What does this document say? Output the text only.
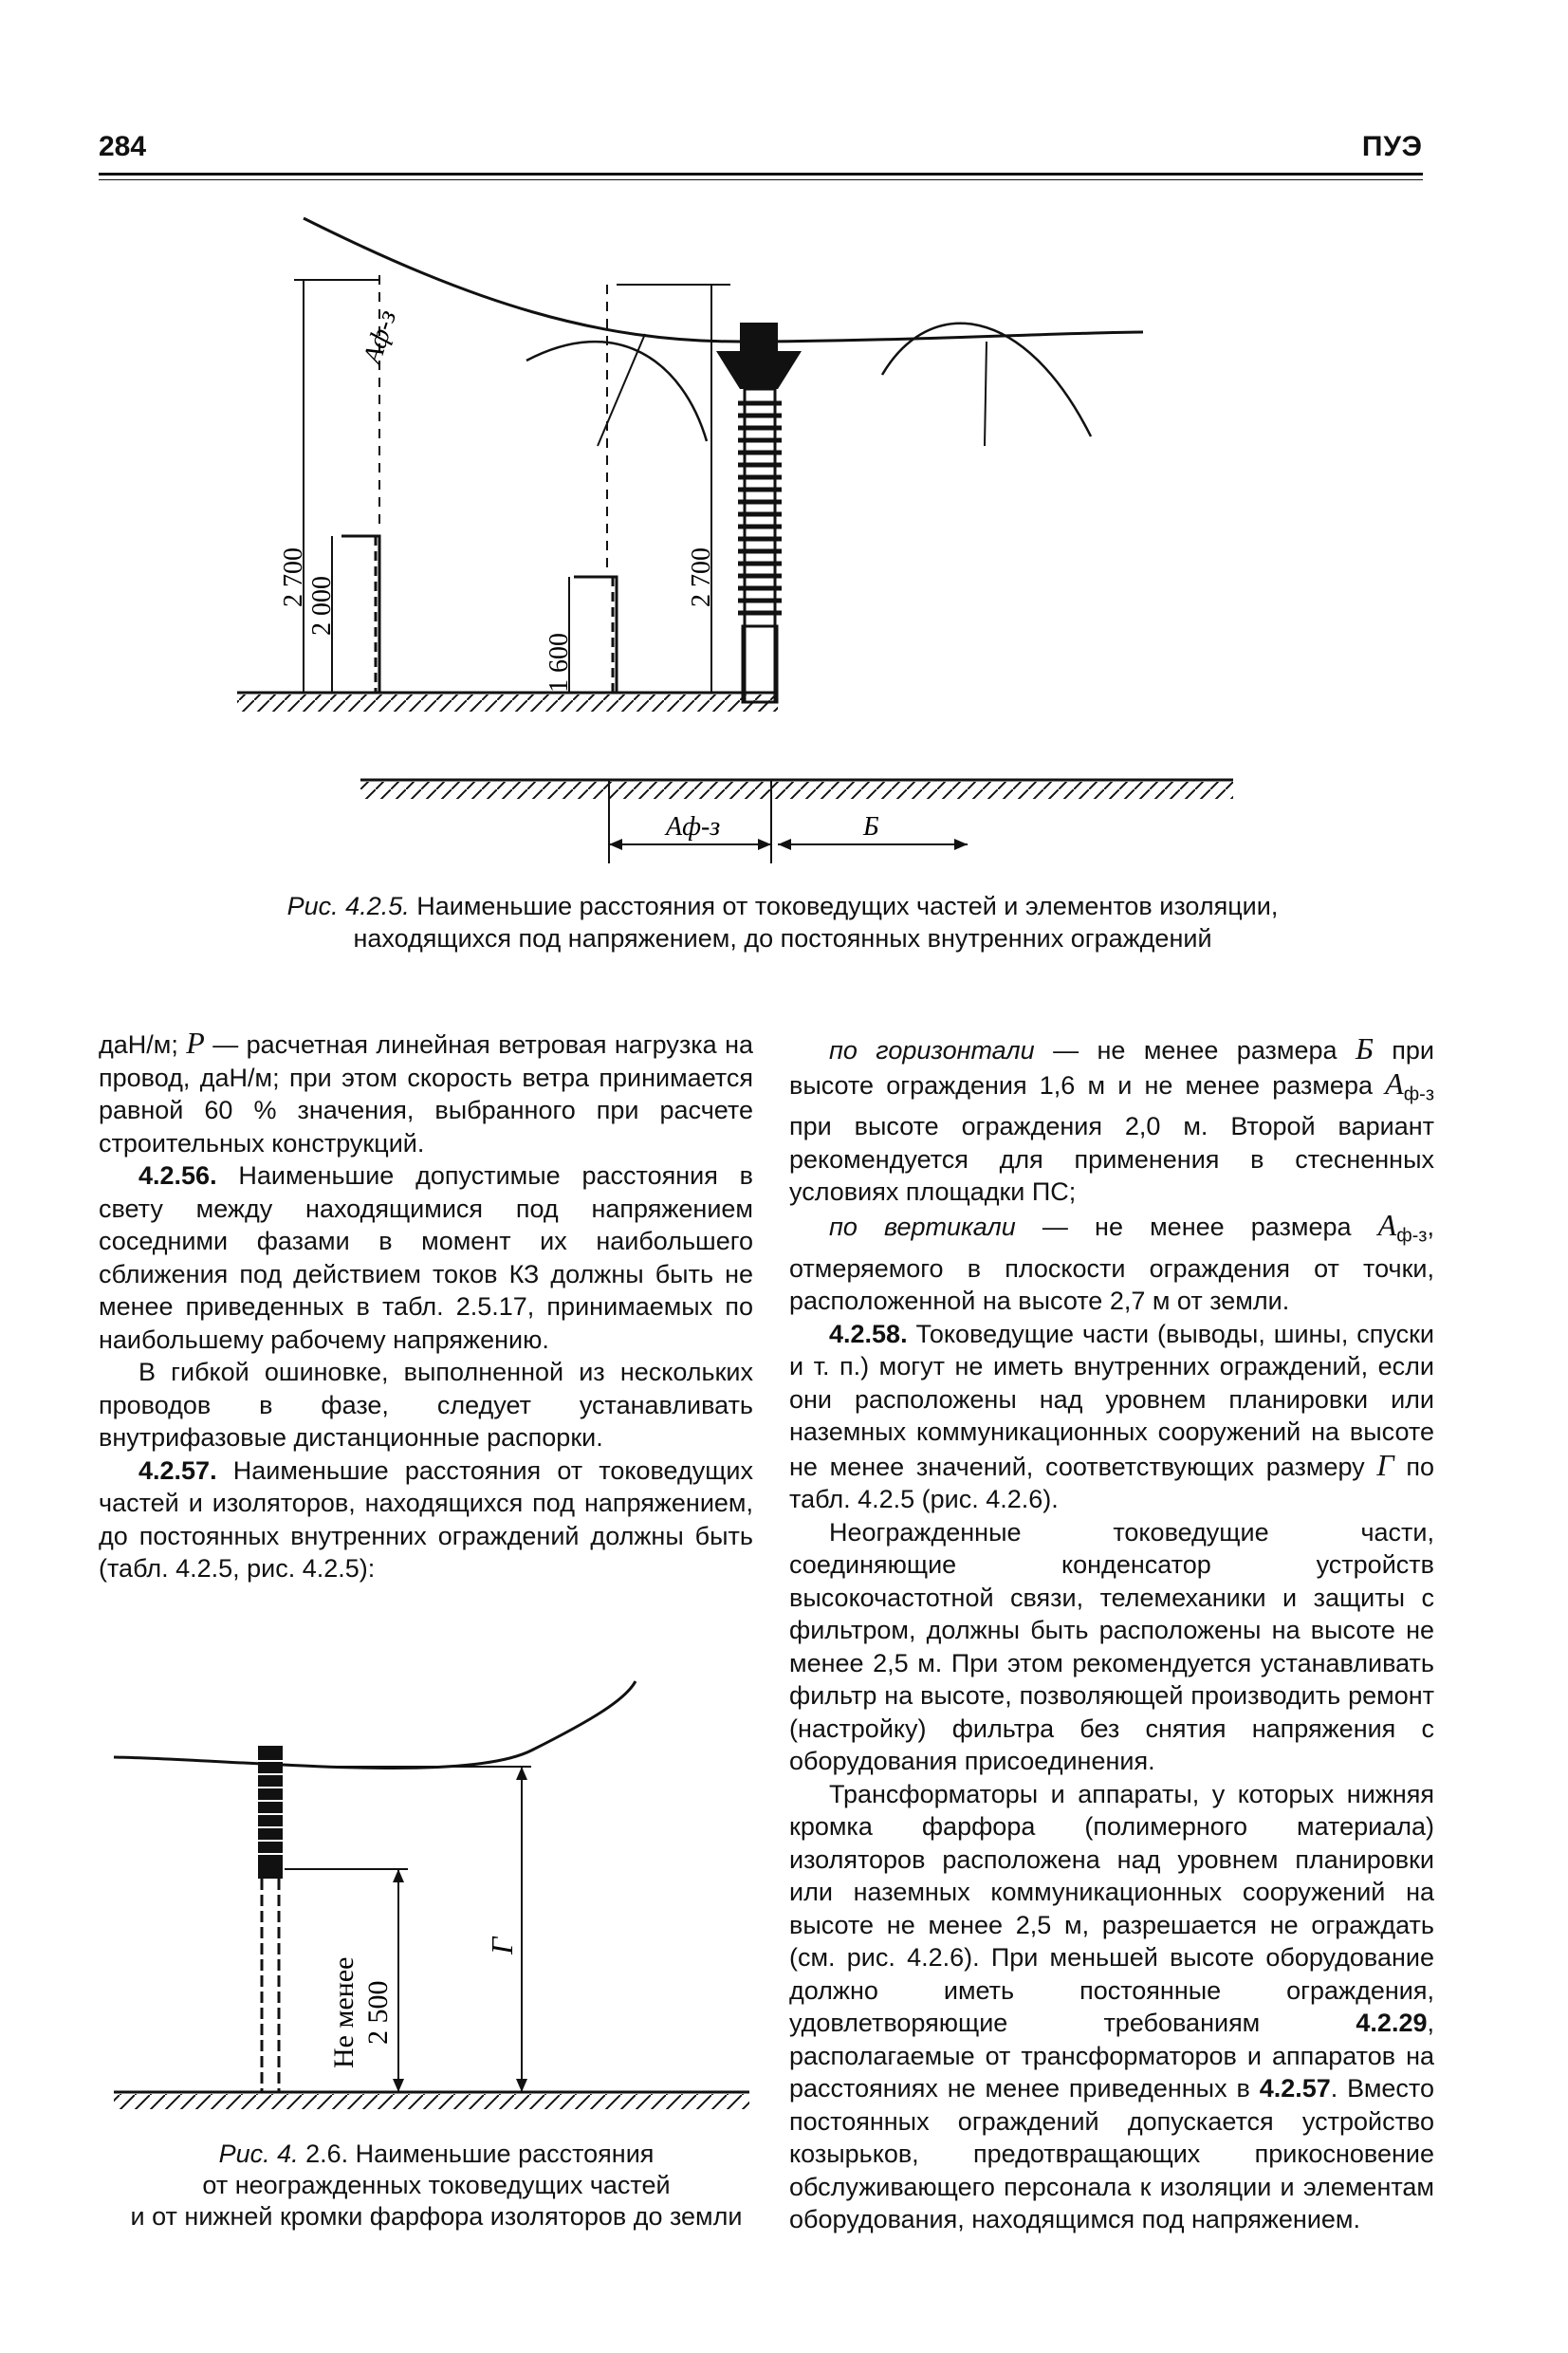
284	ПУЭ
2 700 2 000
1 600
2 700
Aф-з
Aф-з	Б
Рис. 4.2.5. Наименьшие расстояния от токоведущих частей и элементов изоляции,
находящихся под напряжением, до постоянных внутренних ограждений

даН/м; P — расчетная линейная ветровая нагрузка на провод, даН/м; при этом скорость ветра принимается равной 60 % значения, выбранного при расчете строительных конструкций.

4.2.56. Наименьшие допустимые расстояния в свету между находящимися под напряжением соседними фазами в момент их наибольшего сближения под действием токов КЗ должны быть не менее приведенных в табл. 2.5.17, принимаемых по наибольшему рабочему напряжению.

В гибкой ошиновке, выполненной из нескольких проводов в фазе, следует устанавливать внутрифазовые дистанционные распорки.

4.2.57. Наименьшие расстояния от токоведущих частей и изоляторов, находящихся под напряжением, до постоянных внутренних ограждений должны быть (табл. 4.2.5, рис. 4.2.5):

Не менее 2 500
Г
Рис. 4. 2.6. Наименьшие расстояния
от неогражденных токоведущих частей
и от нижней кромки фарфора изоляторов до земли

по горизонтали — не менее размера Б при высоте ограждения 1,6 м и не менее размера $A_{ф-з}$ при высоте ограждения 2,0 м. Второй вариант рекомендуется для применения в стесненных условиях площадки ПС;

по вертикали — не менее размера $A_{ф-з}$, отмеряемого в плоскости ограждения от точки, расположенной на высоте 2,7 м от земли.

4.2.58. Токоведущие части (выводы, шины, спуски и т. п.) могут не иметь внутренних ограждений, если они расположены над уровнем планировки или наземных коммуникационных сооружений на высоте не менее значений, соответствующих размеру Г по табл. 4.2.5 (рис. 4.2.6).

Неогражденные токоведущие части, соединяющие конденсатор устройств высокочастотной связи, телемеханики и защиты с фильтром, должны быть расположены на высоте не менее 2,5 м. При этом рекомендуется устанавливать фильтр на высоте, позволяющей производить ремонт (настройку) фильтра без снятия напряжения с оборудования присоединения.

Трансформаторы и аппараты, у которых нижняя кромка фарфора (полимерного материала) изоляторов расположена над уровнем планировки или наземных коммуникационных сооружений на высоте не менее 2,5 м, разрешается не ограждать (см. рис. 4.2.6). При меньшей высоте оборудование должно иметь постоянные ограждения, удовлетворяющие требованиям 4.2.29, располагаемые от трансформаторов и аппаратов на расстояниях не менее приведенных в 4.2.57. Вместо постоянных ограждений допускается устройство козырьков, предотвращающих прикосновение обслуживающего персонала к изоляции и элементам оборудования, находящимся под напряжением.
